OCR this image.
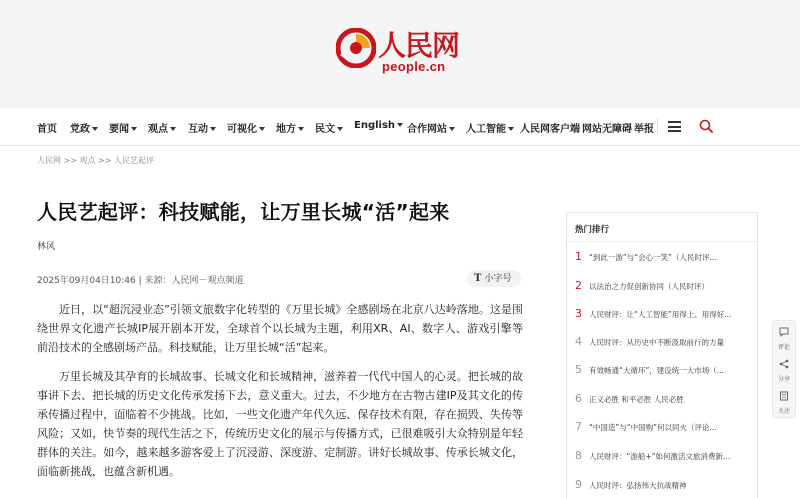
人民网
people.cn
首页 党政	要闻	观点	互动	可视化	地方	民文	English	合作网站	人工智能	人民网客户端 网站无障碍 举报
人民网 >> 观点 >> 人民艺起评
人民艺起评：科技赋能，让万里长城“活”起来
林风
2025年09月04日10:46 | 来源：人民网－观点频道	T 小字号

近日，以“超沉浸业态”引领文旅数字化转型的《万里长城》全感剧场在北京八达岭落地。这是围绕世界文化遗产长城IP展开剧本开发，全球首个以长城为主题，利用XR、AI、数字人、游戏引擎等前沿技术的全感剧场产品。科技赋能，让万里长城“活”起来。

万里长城及其孕育的长城故事、长城文化和长城精神，滋养着一代代中国人的心灵。把长城的故事讲下去、把长城的历史文化传承发扬下去，意义重大。过去，不少地方在古物古建IP及其文化的传承传播过程中，面临着不少挑战。比如，一些文化遗产年代久远、保存技术有限，存在损毁、失传等风险；又如，快节奏的现代生活之下，传统历史文化的展示与传播方式，已很难吸引大众特别是年轻群体的关注。如今，越来越多游客爱上了沉浸游、深度游、定制游。讲好长城故事、传承长城文化，面临新挑战，也蕴含新机遇。

热门排行
1 “到此一游”与“会心一笑”（人民时评...
2 以法治之力促创新协同（人民时评）
3 人民财评：让“人工智能”用得上、用得好...
4 人民时评：从历史中不断汲取前行的力量
5 有效畅通“大循环”，建设统一大市场（...
6 正义必胜 和平必胜 人民必胜
7 “中国造”与“中国购”何以同火（评论...
8 人民财评：“游船+”如何激活文旅消费新...
9 人民时评：弘扬伟大抗战精神
评论
分享
关注
